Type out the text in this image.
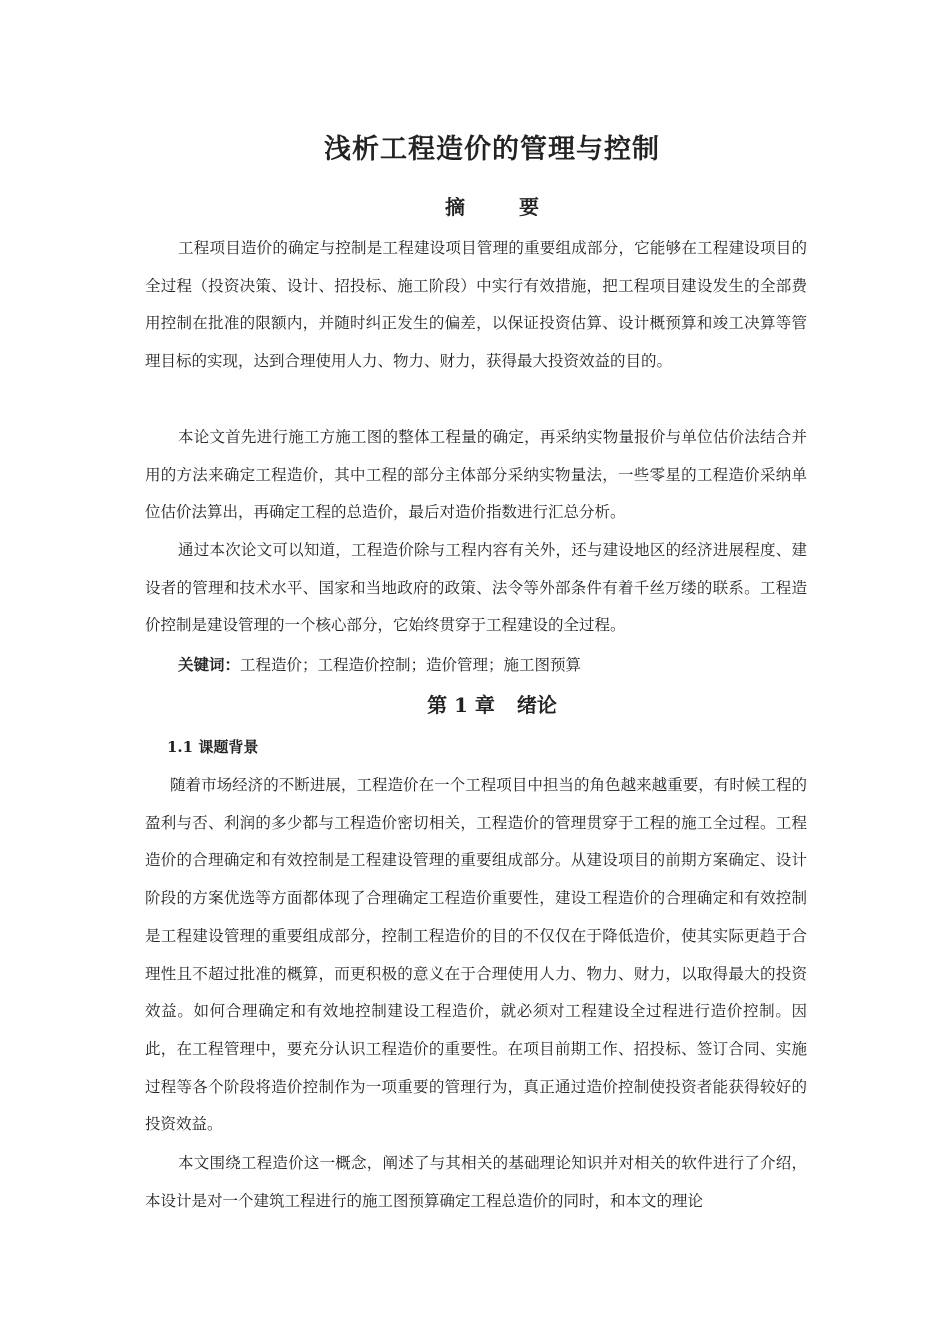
浅析工程造价的管理与控制
摘	要

工程项目造价的确定与控制是工程建设项目管理的重要组成部分，它能够在工程建设项目的全过程（投资决策、设计、招投标、施工阶段）中实行有效措施，把工程项目建设发生的全部费用控制在批准的限额内，并随时纠正发生的偏差，以保证投资估算、设计概预算和竣工决算等管理目标的实现，达到合理使用人力、物力、财力，获得最大投资效益的目的。

本论文首先进行施工方施工图的整体工程量的确定，再采纳实物量报价与单位估价法结合并用的方法来确定工程造价，其中工程的部分主体部分采纳实物量法，一些零星的工程造价采纳单位估价法算出，再确定工程的总造价，最后对造价指数进行汇总分析。

通过本次论文可以知道，工程造价除与工程内容有关外，还与建设地区的经济进展程度、建设者的管理和技术水平、国家和当地政府的政策、法令等外部条件有着千丝万缕的联系。工程造价控制是建设管理的一个核心部分，它始终贯穿于工程建设的全过程。

关键词：工程造价；工程造价控制；造价管理；施工图预算

第 1 章 绪论
1.1 课题背景

随着市场经济的不断进展，工程造价在一个工程项目中担当的角色越来越重要，有时候工程的盈利与否、利润的多少都与工程造价密切相关，工程造价的管理贯穿于工程的施工全过程。工程造价的合理确定和有效控制是工程建设管理的重要组成部分。从建设项目的前期方案确定、设计阶段的方案优选等方面都体现了合理确定工程造价重要性，建设工程造价的合理确定和有效控制是工程建设管理的重要组成部分，控制工程造价的目的不仅仅在于降低造价，使其实际更趋于合理性且不超过批准的概算，而更积极的意义在于合理使用人力、物力、财力，以取得最大的投资效益。如何合理确定和有效地控制建设工程造价，就必须对工程建设全过程进行造价控制。因此，在工程管理中，要充分认识工程造价的重要性。在项目前期工作、招投标、签订合同、实施过程等各个阶段将造价控制作为一项重要的管理行为，真正通过造价控制使投资者能获得较好的投资效益。

本文围绕工程造价这一概念，阐述了与其相关的基础理论知识并对相关的软件进行了介绍，本设计是对一个建筑工程进行的施工图预算确定工程总造价的同时，和本文的理论
